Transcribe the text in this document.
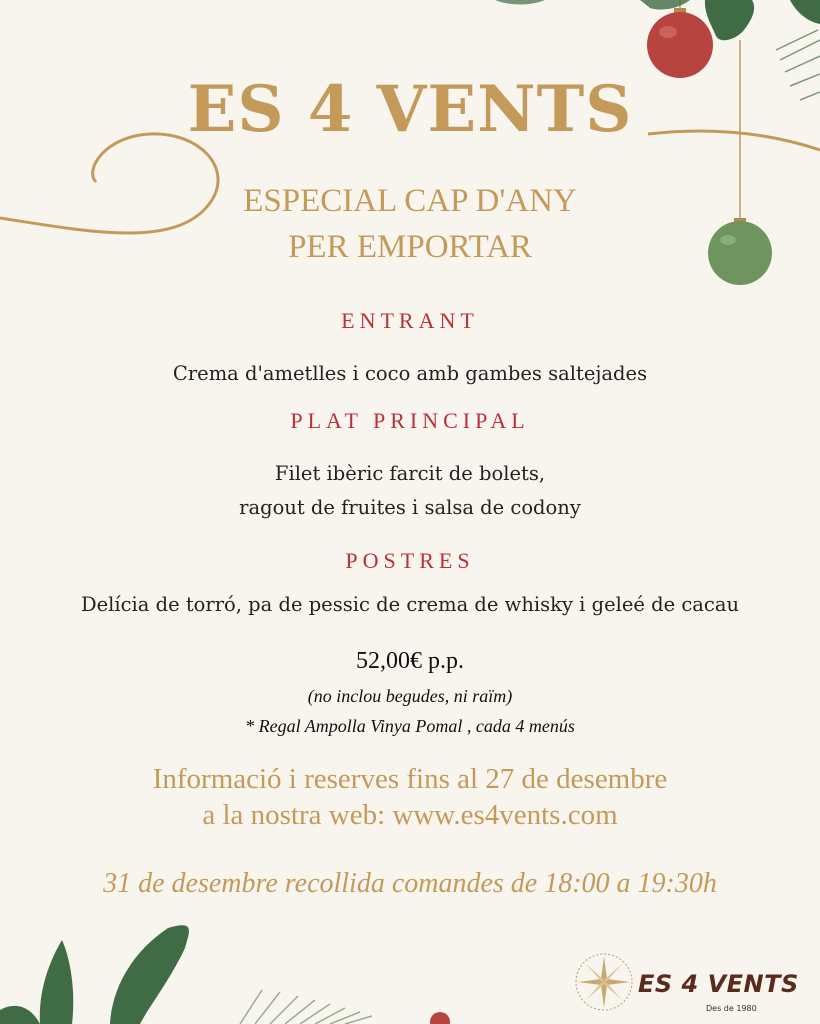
ES 4 VENTS
ESPECIAL CAP D'ANY
PER EMPORTAR
ENTRANT
Crema d'ametlles i coco amb gambes saltejades
PLAT PRINCIPAL
Filet ibèric farcit de bolets,
ragout de fruites i salsa de codony
POSTRES
Delícia de torró, pa de pessic de crema de whisky i geleé de cacau
52,00€ p.p.
(no inclou begudes, ni raïm)
* Regal Ampolla Vinya Pomal , cada 4 menús
Informació i reserves fins al 27 de desembre
a la nostra web: www.es4vents.com
31 de desembre recollida comandes de 18:00 a 19:30h
ES 4 VENTS
Des de 1980
